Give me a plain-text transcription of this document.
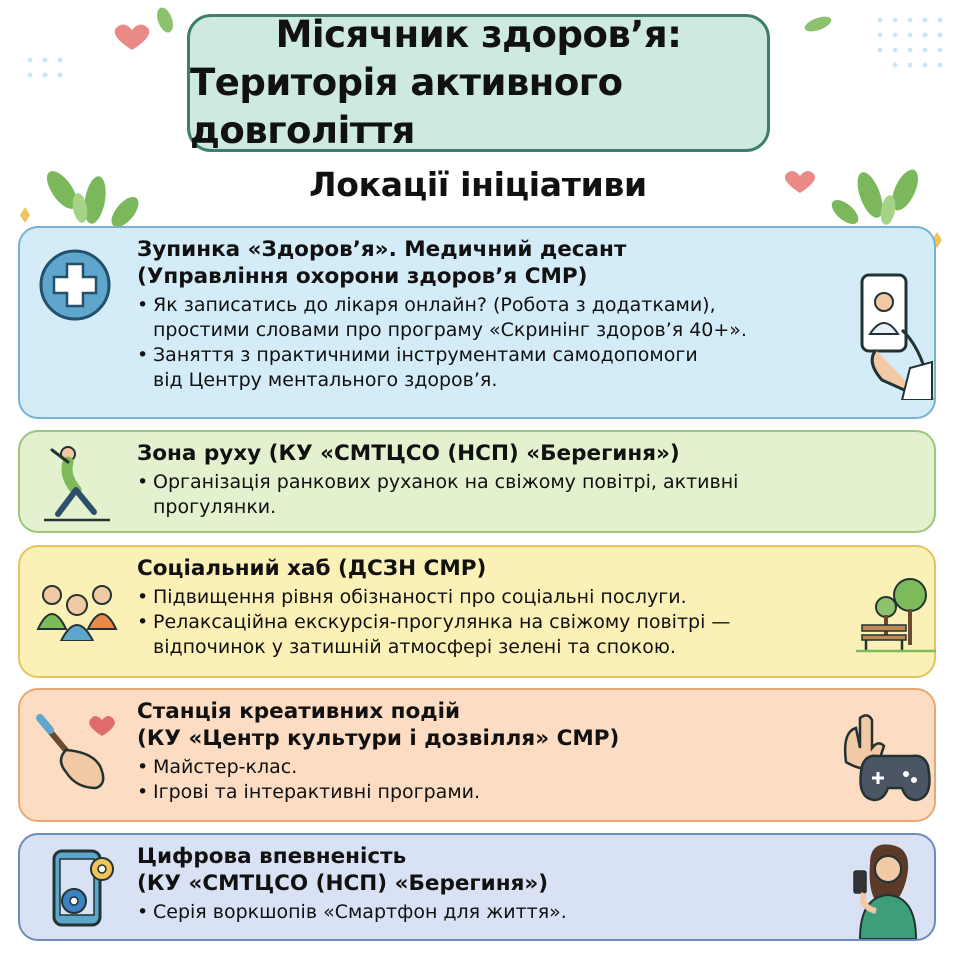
Місячник здоров’я:
Територія активного довголіття
Локації ініціативи
Зупинка «Здоров’я». Медичний десант
(Управління охорони здоров’я СМР)
• Як записатись до лікаря онлайн? (Робота з додатками),
простими словами про програму «Скринінг здоров’я 40+».
• Заняття з практичними інструментами самодопомоги
від Центру ментального здоров’я.
Зона руху (КУ «СМТЦСО (НСП) «Берегиня»)
• Організація ранкових руханок на свіжому повітрі, активні
прогулянки.
Соціальний хаб (ДСЗН СМР)
• Підвищення рівня обізнаності про соціальні послуги.
• Релаксаційна екскурсія-прогулянка на свіжому повітрі —
відпочинок у затишній атмосфері зелені та спокою.
Станція креативних подій
(КУ «Центр культури і дозвілля» СМР)
• Майстер-клас.
• Ігрові та інтерактивні програми.
Цифрова впевненість
(КУ «СМТЦСО (НСП) «Берегиня»)
• Серія воркшопів «Смартфон для життя».
